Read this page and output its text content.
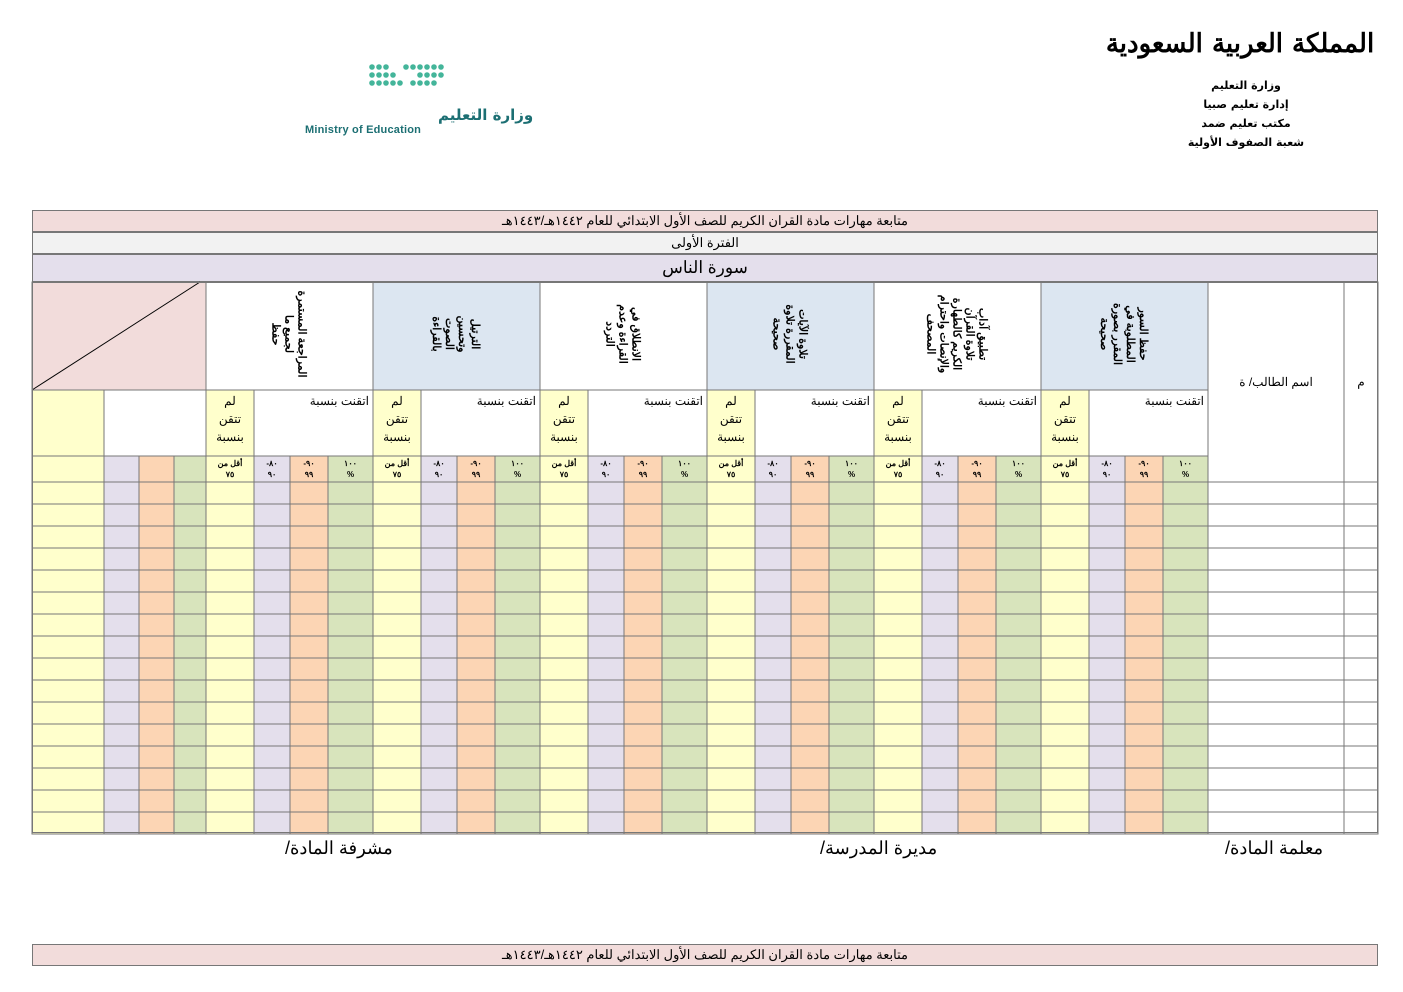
المملكة العربية السعودية
وزارة التعليم
إدارة تعليم صبيا
مكتب تعليم ضمد
شعبة الصفوف الأولية
وزارة التعليم
Ministry of Education
متابعة مهارات مادة القران الكريم للصف الأول الابتدائي للعام ١٤٤٢هـ/١٤٤٣هـ
الفترة الأولى
سورة الناس
م
اسم الطالب/ ة
حفظ السور
المطلوبة في
المقرر بصورة
صحيحة
اتقنت بنسبة
لم
تتقن
بنسبة
١٠٠
%
٩٠-
٩٩
٨٠-
٩٠
أقل من
٧٥
تطبيق آداب
تلاوة القرآن
الكريم كالطهارة
والإنصات واحترام
المصحف
اتقنت بنسبة
لم
تتقن
بنسبة
١٠٠
%
٩٠-
٩٩
٨٠-
٩٠
أقل من
٧٥
تلاوة الآيات
المقررة تلاوة
صحيحة
اتقنت بنسبة
لم
تتقن
بنسبة
١٠٠
%
٩٠-
٩٩
٨٠-
٩٠
أقل من
٧٥
الانطلاق في
القراءة وعدم
التردد
اتقنت بنسبة
لم
تتقن
بنسبة
١٠٠
%
٩٠-
٩٩
٨٠-
٩٠
أقل من
٧٥
الترتيل
وتحسين
الصوت
بالقراءة
اتقنت بنسبة
لم
تتقن
بنسبة
١٠٠
%
٩٠-
٩٩
٨٠-
٩٠
أقل من
٧٥
المراجعة المستمرة
لجميع ما
حفظ
اتقنت بنسبة
لم
تتقن
بنسبة
١٠٠
%
٩٠-
٩٩
٨٠-
٩٠
أقل من
٧٥
معلمة المادة/
مديرة المدرسة/
مشرفة المادة/
متابعة مهارات مادة القران الكريم للصف الأول الابتدائي للعام ١٤٤٢هـ/١٤٤٣هـ
